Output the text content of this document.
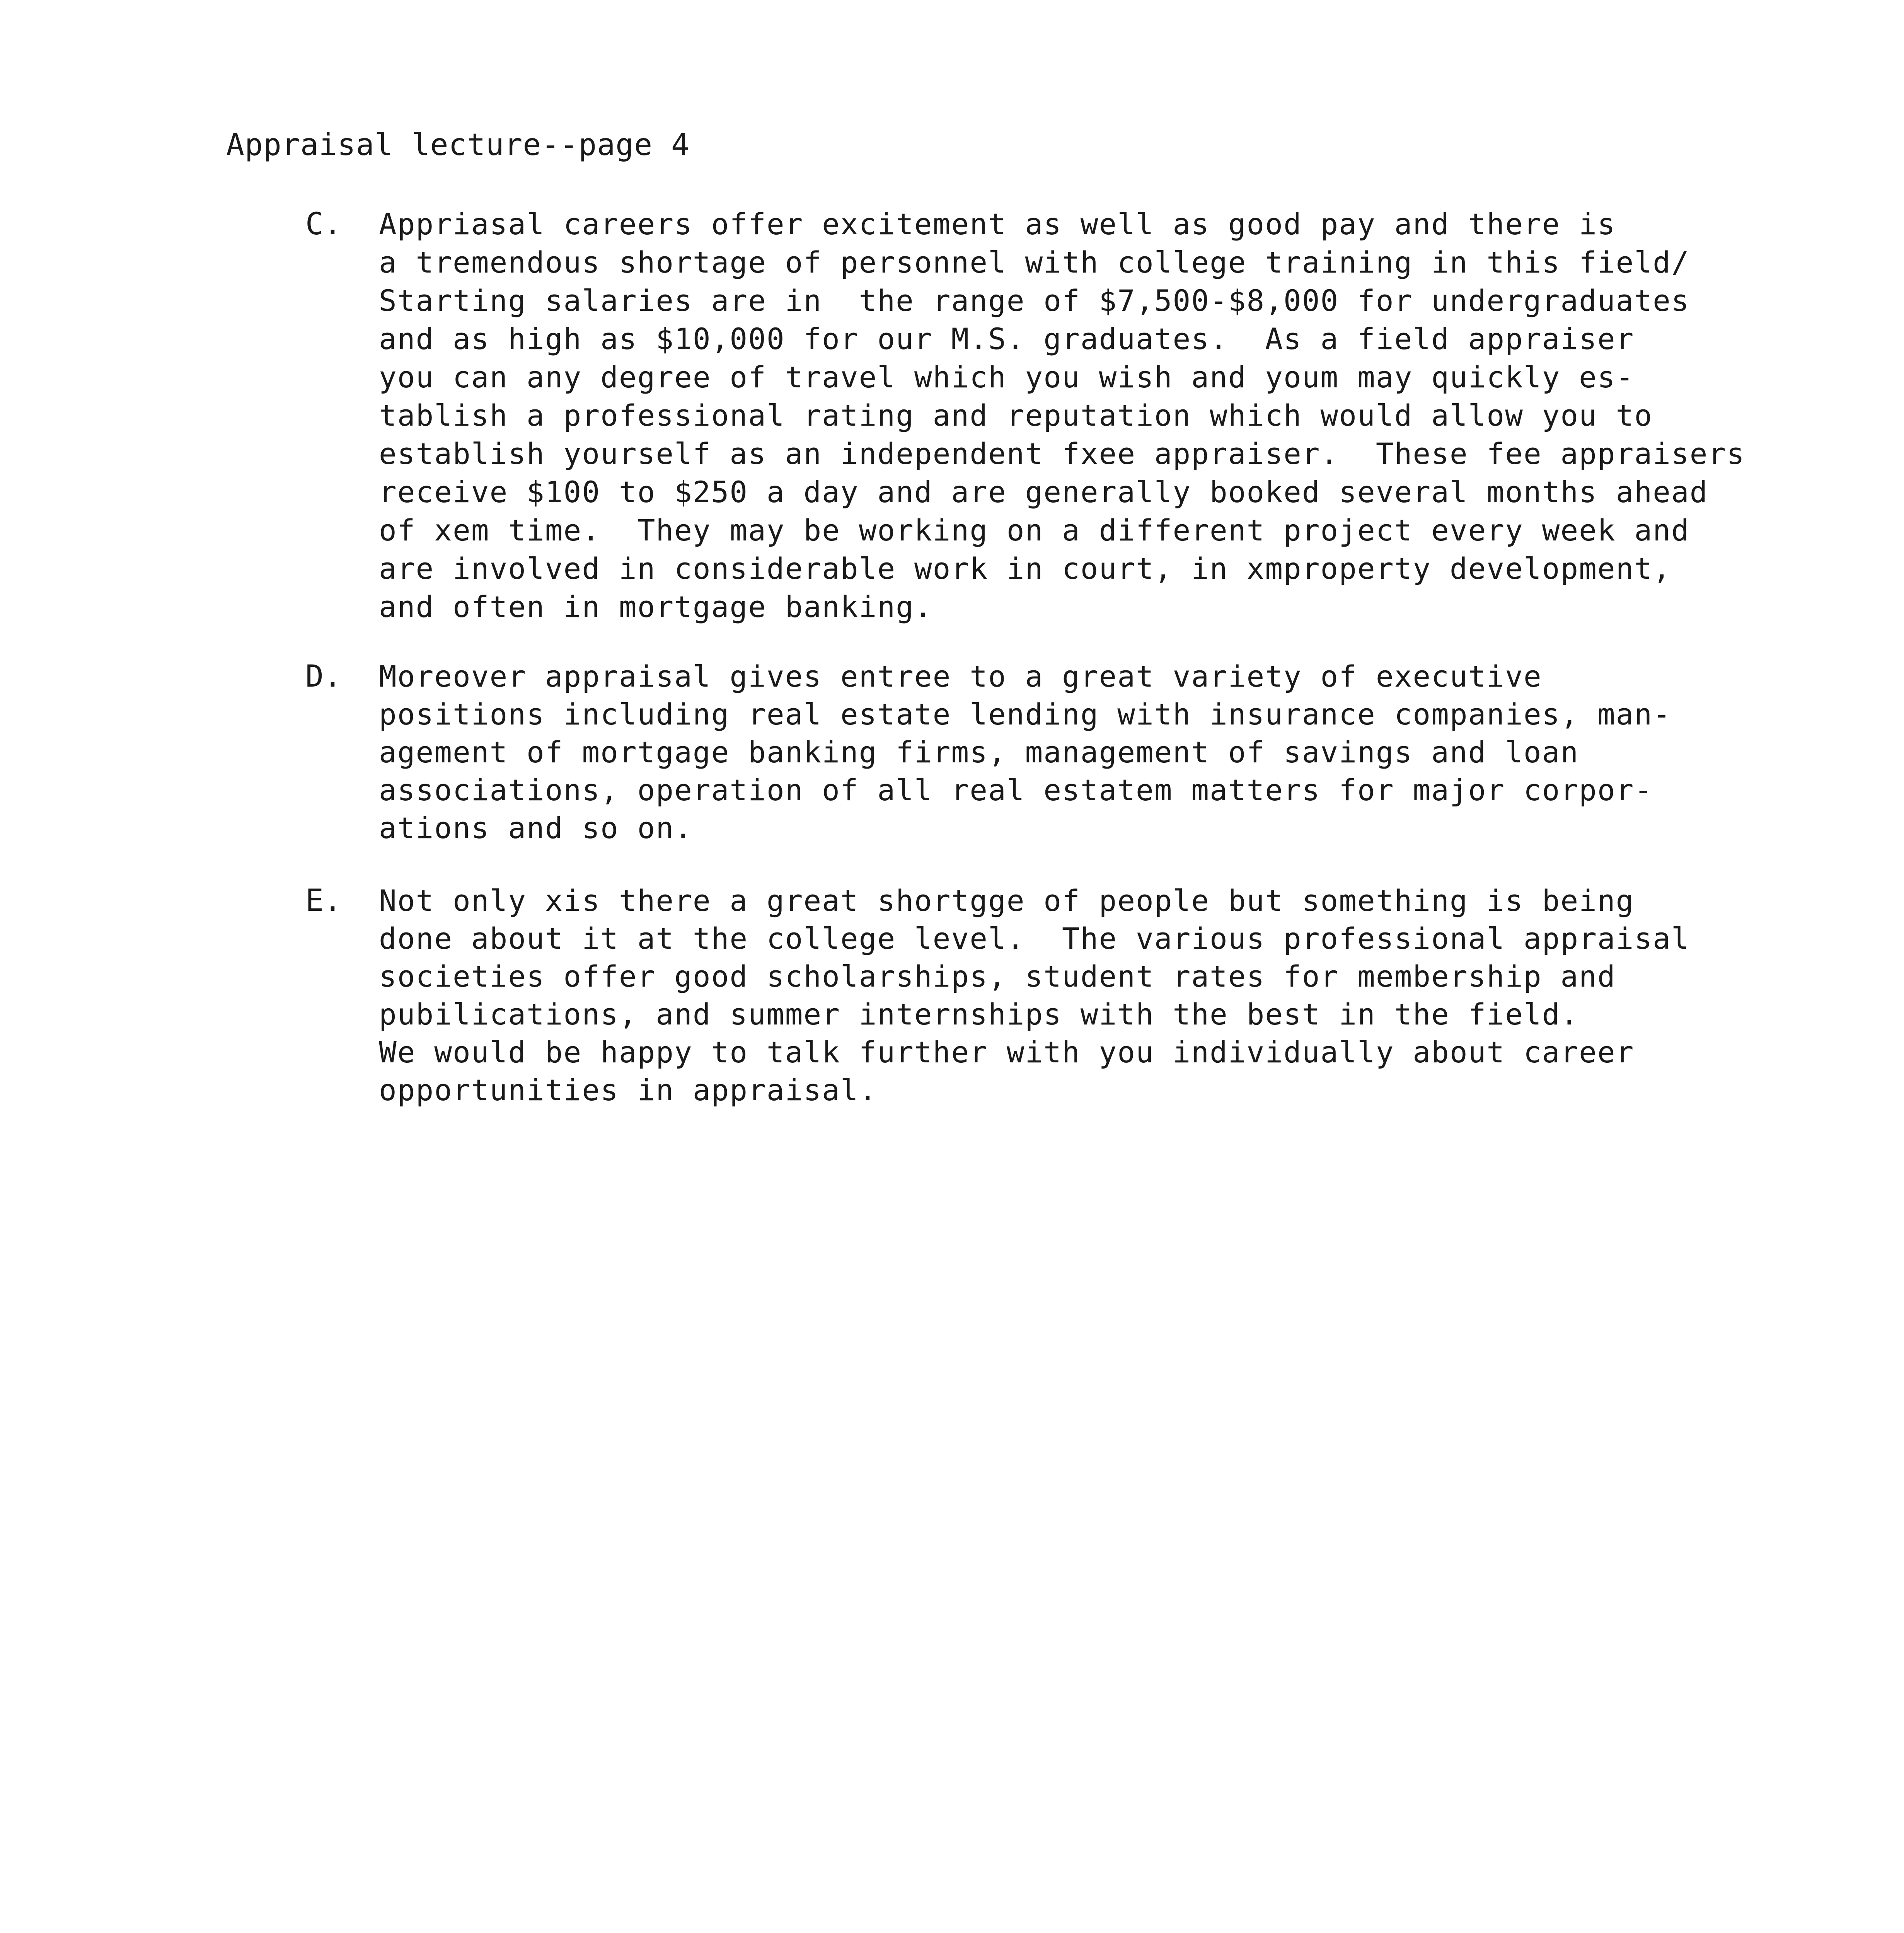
Appraisal lecture--page 4
C. Appriasal careers offer excitement as well as good pay and there is
a tremendous shortage of personnel with college training in this field/
Starting salaries are in  the range of $7,500-$8,000 for undergraduates
and as high as $10,000 for our M.S. graduates.  As a field appraiser
you can any degree of travel which you wish and youm may quickly es-
tablish a professional rating and reputation which would allow you to
establish yourself as an independent fxee appraiser.  These fee appraisers
receive $100 to $250 a day and are generally booked several months ahead
of xem time.  They may be working on a different project every week and
are involved in considerable work in court, in xmproperty development,
and often in mortgage banking.
D. Moreover appraisal gives entree to a great variety of executive
positions including real estate lending with insurance companies, man-
agement of mortgage banking firms, management of savings and loan
associations, operation of all real estatem matters for major corpor-
ations and so on.
E. Not only xis there a great shortgge of people but something is being
done about it at the college level.  The various professional appraisal
societies offer good scholarships, student rates for membership and
pubilications, and summer internships with the best in the field.
We would be happy to talk further with you individually about career
opportunities in appraisal.
